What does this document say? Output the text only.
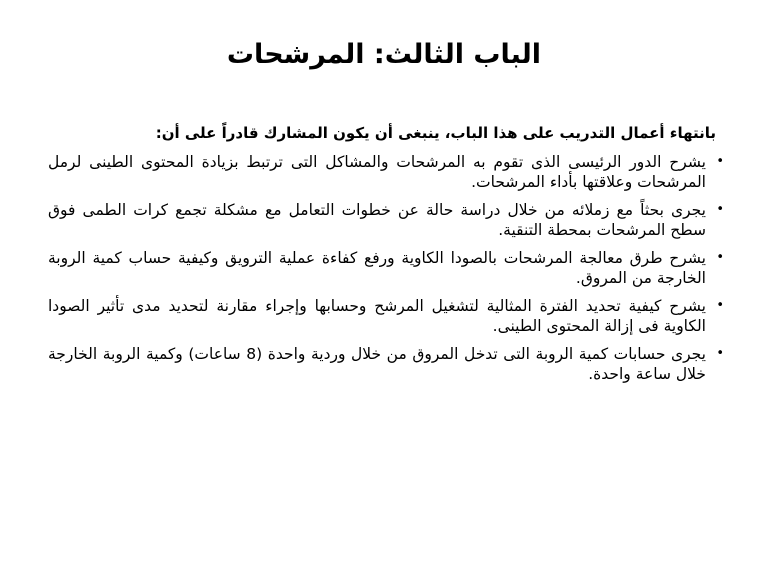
الباب الثالث: المرشحات
بانتهاء أعمال التدريب على هذا الباب، ينبغى أن يكون المشارك قادراً على أن:
•
يشرح الدور الرئيسى الذى تقوم به المرشحات والمشاكل التى ترتبط بزيادة المحتوى الطينى لرمل المرشحات وعلاقتها بأداء المرشحات.
•
يجرى بحثاً مع زملائه من خلال دراسة حالة عن خطوات التعامل مع مشكلة تجمع كرات الطمى فوق سطح المرشحات بمحطة التنقية.
•
يشرح طرق معالجة المرشحات بالصودا الكاوية ورفع كفاءة عملية الترويق وكيفية حساب كمية الروبة الخارجة من المروق.
•
يشرح كيفية تحديد الفترة المثالية لتشغيل المرشح وحسابها وإجراء مقارنة لتحديد مدى تأثير الصودا الكاوية فى إزالة المحتوى الطينى.
•
يجرى حسابات كمية الروبة التى تدخل المروق من خلال وردية واحدة (8 ساعات) وكمية الروبة الخارجة خلال ساعة واحدة.
